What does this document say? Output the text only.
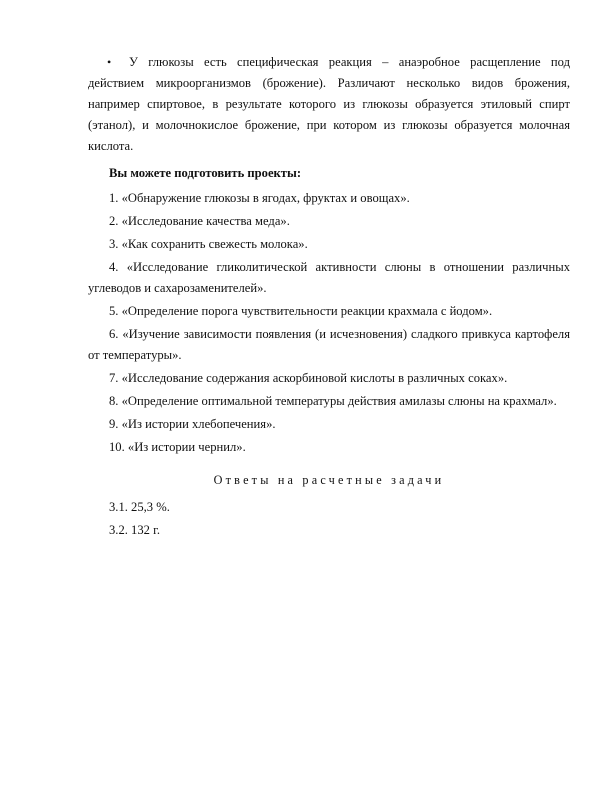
• У глюкозы есть специфическая реакция – анаэробное расщепление под действием микроорганизмов (брожение). Различают несколько видов брожения, например спиртовое, в результате которого из глюкозы образуется этиловый спирт (этанол), и молочнокислое брожение, при котором из глюкозы образуется молочная кислота.

Вы можете подготовить проекты:
1. «Обнаружение глюкозы в ягодах, фруктах и овощах».
2. «Исследование качества меда».
3. «Как сохранить свежесть молока».
4. «Исследование гликолитической активности слюны в отношении различных углеводов и сахарозаменителей».
5. «Определение порога чувствительности реакции крахмала с йодом».
6. «Изучение зависимости появления (и исчезновения) сладкого привкуса картофеля от температуры».
7. «Исследование содержания аскорбиновой кислоты в различных соках».
8. «Определение оптимальной температуры действия амилазы слюны на крахмал».
9. «Из истории хлебопечения».
10. «Из истории чернил».
Ответы на расчетные задачи
3.1. 25,3 %.
3.2. 132 г.
